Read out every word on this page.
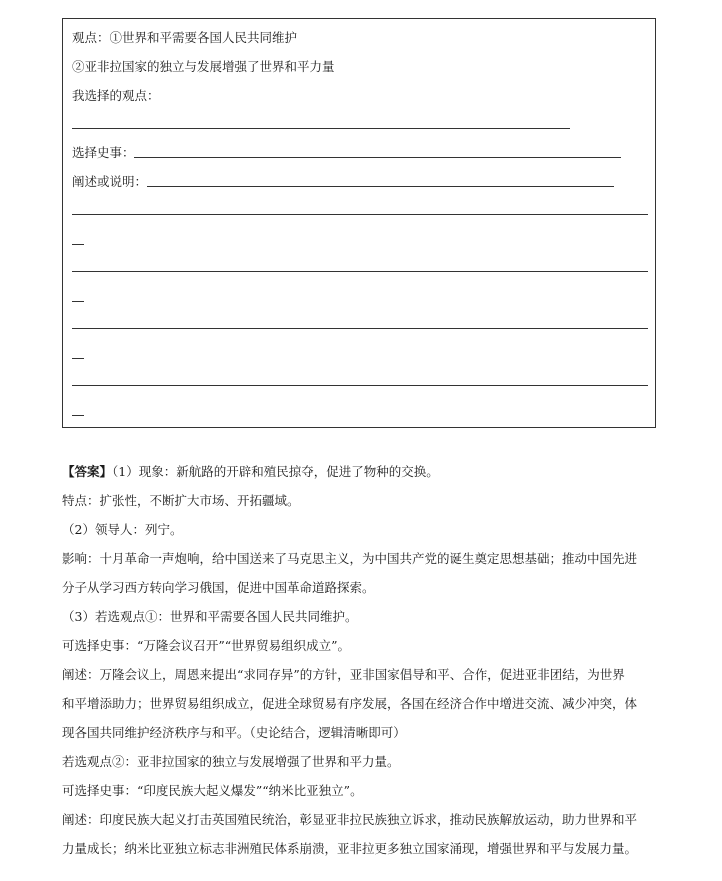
观点：①世界和平需要各国人民共同维护
②亚非拉国家的独立与发展增强了世界和平力量
我选择的观点：
选择史事：
阐述或说明：
【答案】（1）现象：新航路的开辟和殖民掠夺，促进了物种的交换。
特点：扩张性，不断扩大市场、开拓疆域。
（2）领导人：列宁。
影响：十月革命一声炮响，给中国送来了马克思主义，为中国共产党的诞生奠定思想基础；推动中国先进
分子从学习西方转向学习俄国，促进中国革命道路探索。
（3）若选观点①：世界和平需要各国人民共同维护。
可选择史事：“万隆会议召开”“世界贸易组织成立”。
阐述：万隆会议上，周恩来提出“求同存异”的方针，亚非国家倡导和平、合作，促进亚非团结，为世界
和平增添助力；世界贸易组织成立，促进全球贸易有序发展，各国在经济合作中增进交流、减少冲突，体
现各国共同维护经济秩序与和平。（史论结合，逻辑清晰即可）
若选观点②：亚非拉国家的独立与发展增强了世界和平力量。
可选择史事：“印度民族大起义爆发”“纳米比亚独立”。
阐述：印度民族大起义打击英国殖民统治，彰显亚非拉民族独立诉求，推动民族解放运动，助力世界和平
力量成长；纳米比亚独立标志非洲殖民体系崩溃，亚非拉更多独立国家涌现，增强世界和平与发展力量。
